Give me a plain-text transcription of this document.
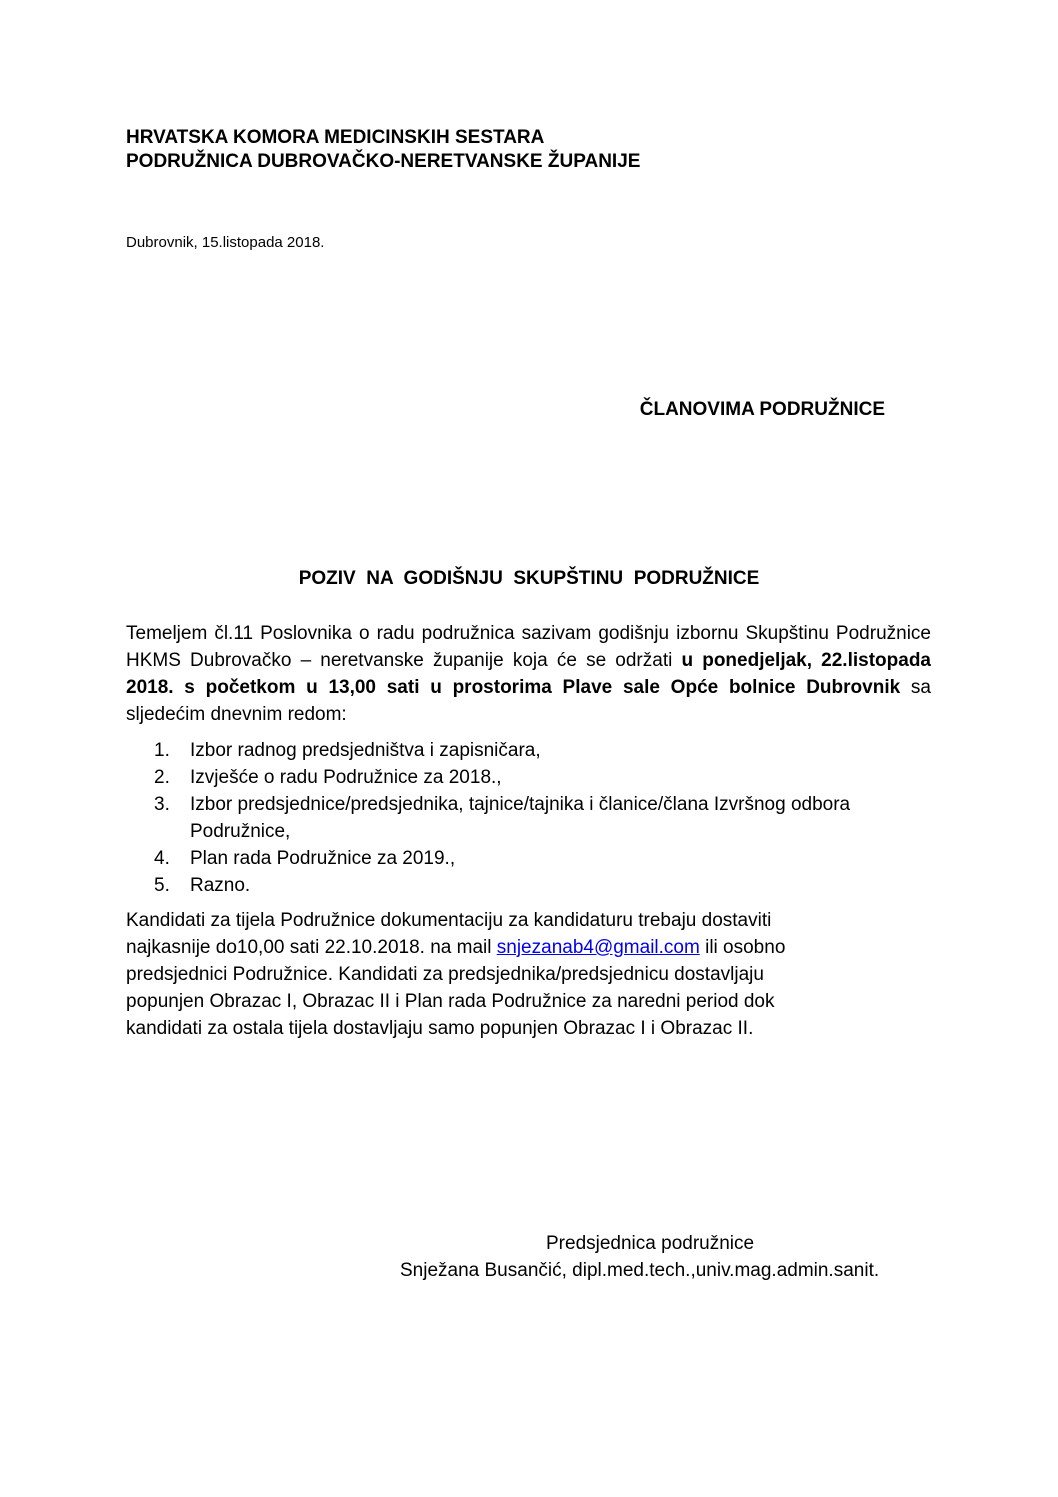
HRVATSKA KOMORA MEDICINSKIH SESTARA
PODRUŽNICA DUBROVAČKO-NERETVANSKE ŽUPANIJE
Dubrovnik, 15.listopada 2018.
ČLANOVIMA PODRUŽNICE
POZIV  NA  GODIŠNJU  SKUPŠTINU  PODRUŽNICE
Temeljem čl.11 Poslovnika o radu podružnica sazivam godišnju izbornu Skupštinu Podružnice HKMS Dubrovačko – neretvanske županije koja će se održati u ponedjeljak, 22.listopada 2018. s početkom u 13,00 sati u prostorima Plave sale Opće bolnice Dubrovnik sa sljedećim dnevnim redom:
1. Izbor radnog predsjedništva i zapisničara,
2. Izvješće o radu Podružnice za 2018.,
3. Izbor predsjednice/predsjednika, tajnice/tajnika i članice/člana Izvršnog odbora Podružnice,
4. Plan rada Podružnice za 2019.,
5. Razno.
Kandidati za tijela Podružnice dokumentaciju za kandidaturu trebaju dostaviti
najkasnije do10,00 sati 22.10.2018. na mail snjezanab4@gmail.com ili osobno
predsjednici Podružnice. Kandidati za predsjednika/predsjednicu dostavljaju
popunjen Obrazac I, Obrazac II i Plan rada Podružnice za naredni period dok
kandidati za ostala tijela dostavljaju samo popunjen Obrazac I i Obrazac II.
Predsjednica podružnice
Snježana Busančić, dipl.med.tech.,univ.mag.admin.sanit.
